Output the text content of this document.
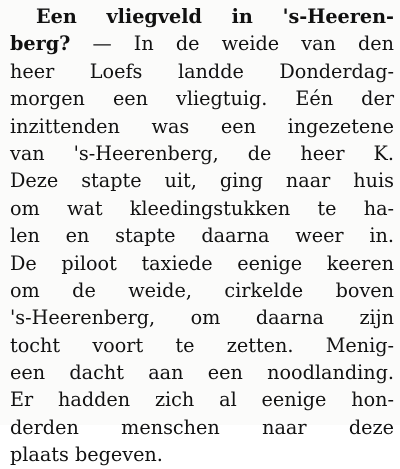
Een vliegveld in 's-Heeren-
berg? — In de weide van den
heer Loefs landde Donderdag-
morgen een vliegtuig. Eén der
inzittenden was een ingezetene
van 's-Heerenberg, de heer K.
Deze stapte uit, ging naar huis
om wat kleedingstukken te ha-
len en stapte daarna weer in.
De piloot taxiede eenige keeren
om de weide, cirkelde boven
's-Heerenberg, om daarna zijn
tocht voort te zetten. Menig-
een dacht aan een noodlanding.
Er hadden zich al eenige hon-
derden menschen naar deze
plaats begeven.
